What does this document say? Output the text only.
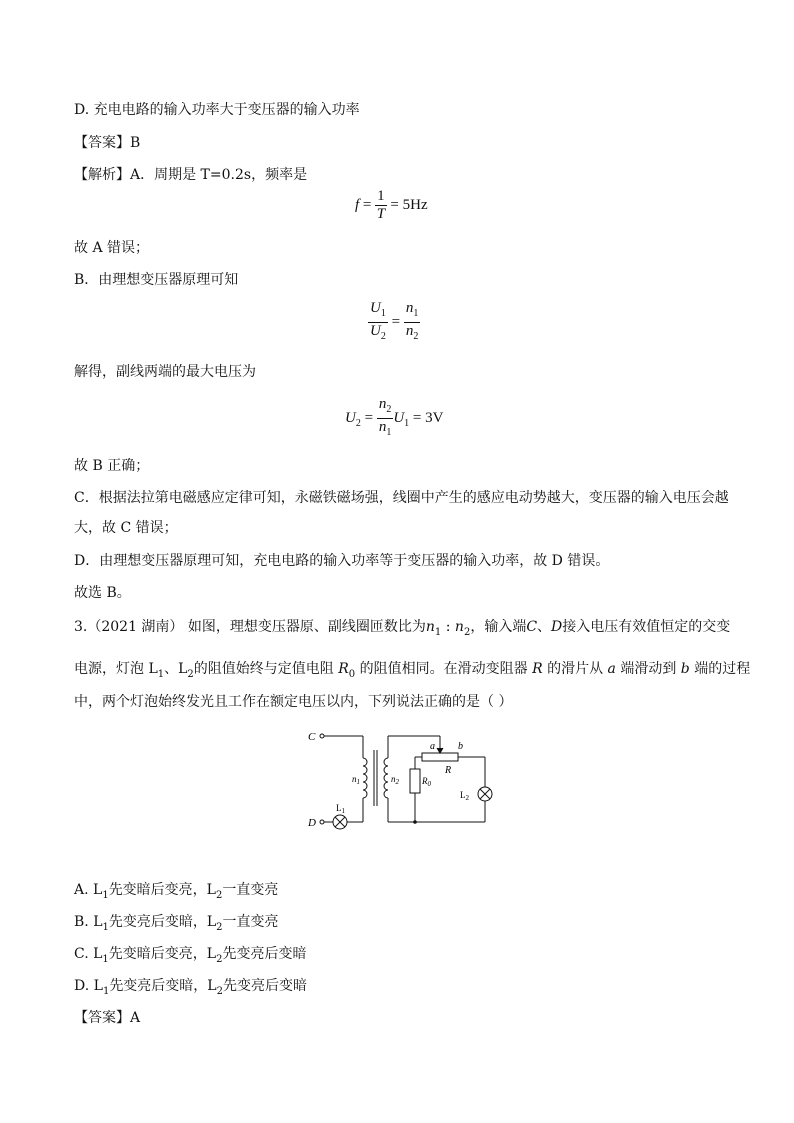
D. 充电电路的输入功率大于变压器的输入功率
【答案】B
【解析】A．周期是 T=0.2s，频率是
$f = \frac{1}{T} = 5Hz$
故 A 错误；
B．由理想变压器原理可知
$\frac{U_1}{U_2} = \frac{n_1}{n_2}$
解得，副线两端的最大电压为
$U_2 = \frac{n_2}{n_1} U_1 = 3V$
故 B 正确；
C．根据法拉第电磁感应定律可知，永磁铁磁场强，线圈中产生的感应电动势越大，变压器的输入电压会越
大，故 C 错误；
D．由理想变压器原理可知，充电电路的输入功率等于变压器的输入功率，故 D 错误。
故选 B。
3.（2021 湖南） 如图，理想变压器原、副线圈匝数比为$n_1$ : $n_2$，输入端C、D接入电压有效值恒定的交变
电源，灯泡 $L_1$、$L_2$的阻值始终与定值电阻 $R_0$ 的阻值相同。在滑动变阻器 R 的滑片从 a 端滑动到 b 端的过程
中，两个灯泡始终发光且工作在额定电压以内，下列说法正确的是（ ）
C
D
$n_1$	$n_2$
a b
R
$R_0$
$L_1$
$L_2$
A. $L_1$先变暗后变亮，$L_2$一直变亮
B. $L_1$先变亮后变暗，$L_2$一直变亮
C. $L_1$先变暗后变亮，$L_2$先变亮后变暗
D. $L_1$先变亮后变暗，$L_2$先变亮后变暗
【答案】A
